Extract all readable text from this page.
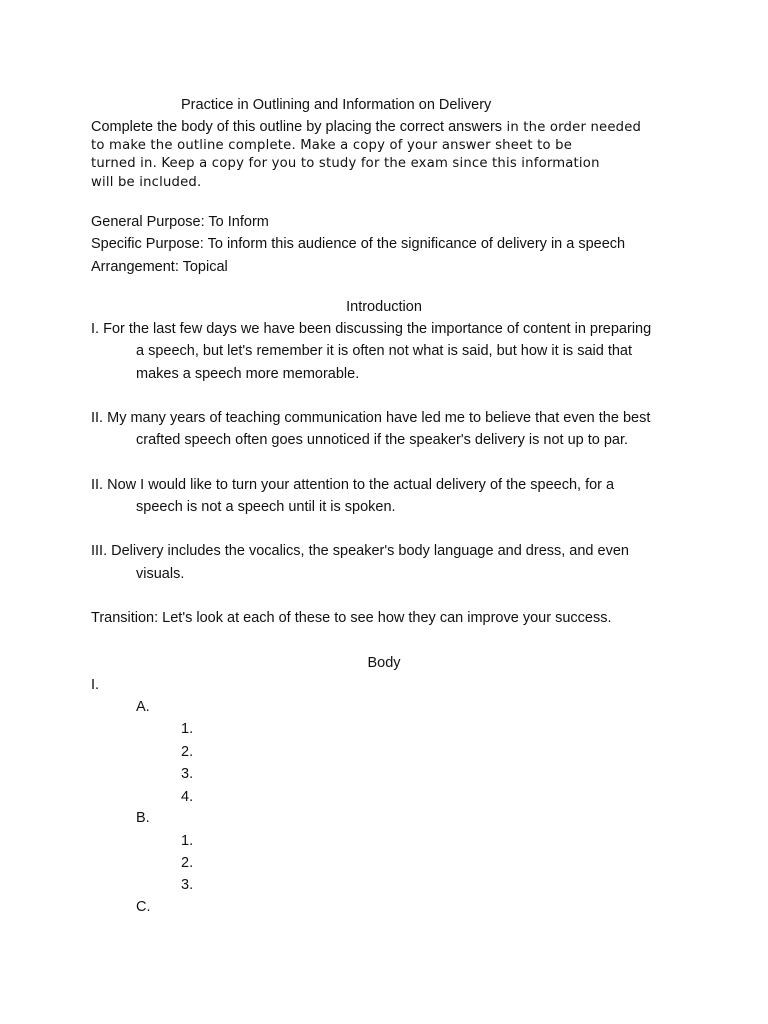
Practice in Outlining and Information on Delivery
Complete the body of this outline by placing the correct answers in the order needed
to make the outline complete. Make a copy of your answer sheet to be
turned in. Keep a copy for you to study for the exam since this information
will be included.
General Purpose: To Inform
Specific Purpose: To inform this audience of the significance of delivery in a speech
Arrangement: Topical
Introduction
I. For the last few days we have been discussing the importance of content in preparing
a speech, but let's remember it is often not what is said, but how it is said that
makes a speech more memorable.
II. My many years of teaching communication have led me to believe that even the best
crafted speech often goes unnoticed if the speaker's delivery is not up to par.
II. Now I would like to turn your attention to the actual delivery of the speech, for a
speech is not a speech until it is spoken.
III. Delivery includes the vocalics, the speaker's body language and dress, and even
visuals.
Transition: Let's look at each of these to see how they can improve your success.
Body
I.
A.
1.
2.
3.
4.
B.
1.
2.
3.
C.
